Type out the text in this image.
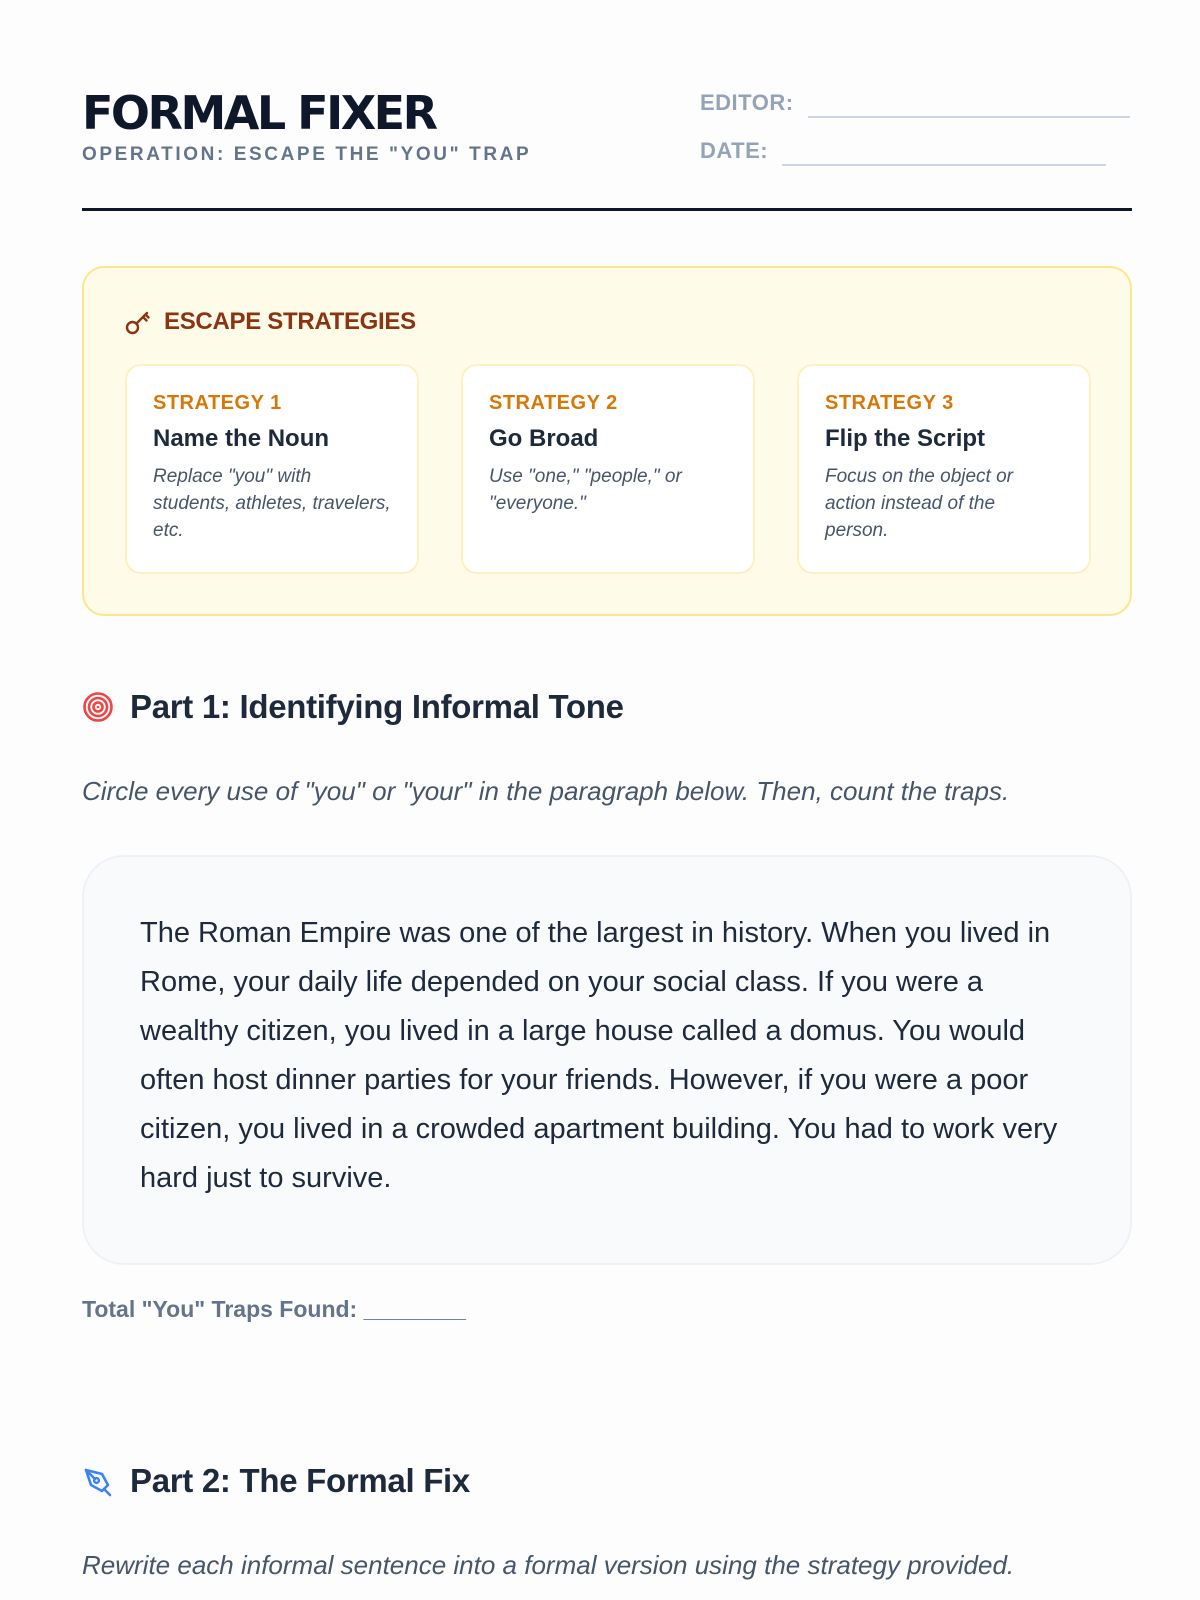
FORMAL FIXER
OPERATION: ESCAPE THE "YOU" TRAP
EDITOR:
DATE:
ESCAPE STRATEGIES
STRATEGY 1
Name the Noun
Replace "you" with students, athletes, travelers, etc.
STRATEGY 2
Go Broad
Use "one," "people," or "everyone."
STRATEGY 3
Flip the Script
Focus on the object or action instead of the person.
Part 1: Identifying Informal Tone
Circle every use of "you" or "your" in the paragraph below. Then, count the traps.

The Roman Empire was one of the largest in history. When you lived in Rome, your daily life depended on your social class. If you were a wealthy citizen, you lived in a large house called a domus. You would often host dinner parties for your friends. However, if you were a poor citizen, you lived in a crowded apartment building. You had to work very hard just to survive.

Total "You" Traps Found: ________
Part 2: The Formal Fix
Rewrite each informal sentence into a formal version using the strategy provided.
